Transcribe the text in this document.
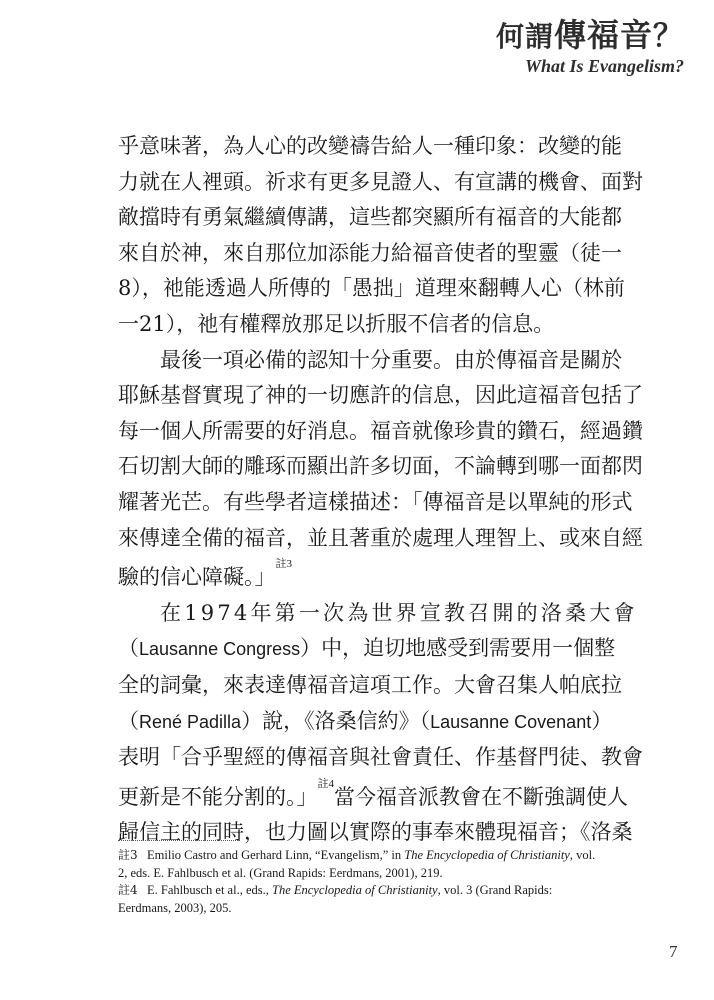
何謂傳福音？
What Is Evangelism?

乎意味著，為人心的改變禱告給人一種印象：改變的能
力就在人裡頭。祈求有更多見證人、有宣講的機會、面對
敵擋時有勇氣繼續傳講，這些都突顯所有福音的大能都
來自於神，來自那位加添能力給福音使者的聖靈（徒一
8），祂能透過人所傳的「愚拙」道理來翻轉人心（林前
一21），祂有權釋放那足以折服不信者的信息。

最後一項必備的認知十分重要。由於傳福音是關於
耶穌基督實現了神的一切應許的信息，因此這福音包括了
每一個人所需要的好消息。福音就像珍貴的鑽石，經過鑽
石切割大師的雕琢而顯出許多切面，不論轉到哪一面都閃
耀著光芒。有些學者這樣描述：「傳福音是以單純的形式
來傳達全備的福音，並且著重於處理人理智上、或來自經
驗的信心障礙。」$^{註3}$

在1974年第一次為世界宣教召開的洛桑大會
（Lausanne Congress）中，迫切地感受到需要用一個整
全的詞彙，來表達傳福音這項工作。大會召集人帕底拉
（René Padilla）說，《洛桑信約》（Lausanne Covenant）
表明「合乎聖經的傳福音與社會責任、作基督門徒、教會
更新是不能分割的。」$^{註4}$當今福音派教會在不斷強調使人
歸信主的同時，也力圖以實際的事奉來體現福音；《洛桑

註3 Emilio Castro and Gerhard Linn, “Evangelism,” in The Encyclopedia of Christianity, vol. 2, eds. E. Fahlbusch et al. (Grand Rapids: Eerdmans, 2001), 219.

註4 E. Fahlbusch et al., eds., The Encyclopedia of Christianity, vol. 3 (Grand Rapids: Eerdmans, 2003), 205.

7
